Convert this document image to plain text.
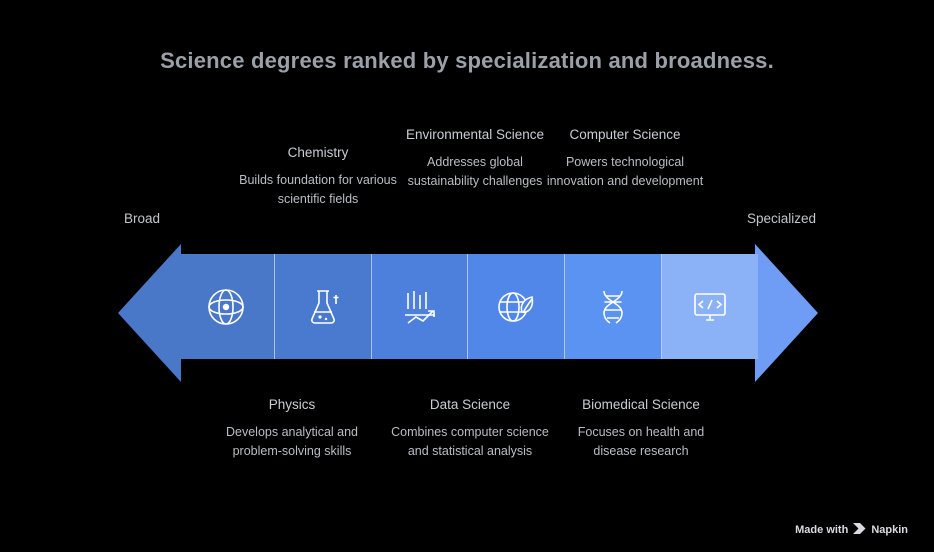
Science degrees ranked by specialization and broadness.
Broad	Specialized
Chemistry
Builds foundation for various scientific fields
Environmental Science
Addresses global sustainability challenges
Computer Science
Powers technological innovation and development
Physics
Develops analytical and problem-solving skills
Data Science
Combines computer science and statistical analysis
Biomedical Science
Focuses on health and disease research
Made with Napkin
